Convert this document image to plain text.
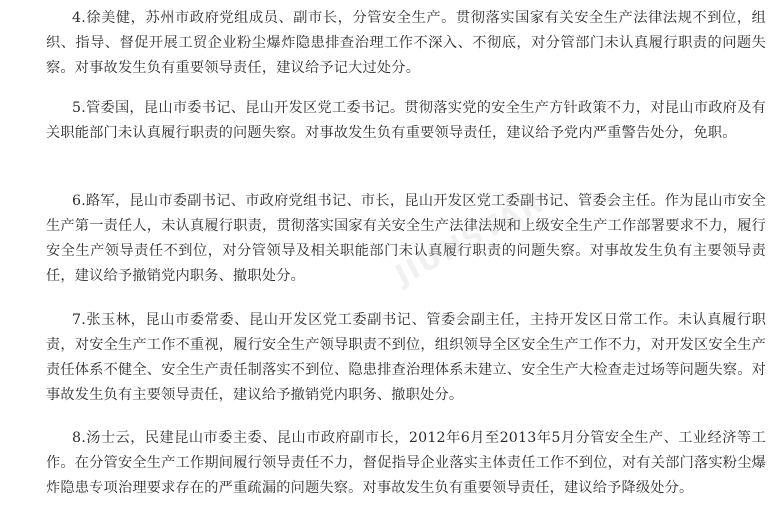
4.徐美健，苏州市政府党组成员、副市长，分管安全生产。贯彻落实国家有关安全生产法律法规不到位，组织、指导、督促开展工贸企业粉尘爆炸隐患排查治理工作不深入、不彻底，对分管部门未认真履行职责的问题失察。对事故发生负有重要领导责任，建议给予记大过处分。

5.管委国，昆山市委书记、昆山开发区党工委书记。贯彻落实党的安全生产方针政策不力，对昆山市政府及有关职能部门未认真履行职责的问题失察。对事故发生负有重要领导责任，建议给予党内严重警告处分，免职。

6.路军，昆山市委副书记、市政府党组书记、市长，昆山开发区党工委副书记、管委会主任。作为昆山市安全生产第一责任人，未认真履行职责，贯彻落实国家有关安全生产法律法规和上级安全生产工作部署要求不力，履行安全生产领导责任不到位，对分管领导及相关职能部门未认真履行职责的问题失察。对事故发生负有主要领导责任，建议给予撤销党内职务、撤职处分。

7.张玉林，昆山市委常委、昆山开发区党工委副书记、管委会副主任，主持开发区日常工作。未认真履行职责，对安全生产工作不重视，履行安全生产领导职责不到位，组织领导全区安全生产工作不力，对开发区安全生产责任体系不健全、安全生产责任制落实不到位、隐患排查治理体系未建立、安全生产大检查走过场等问题失察。对事故发生负有主要领导责任，建议给予撤销党内职务、撤职处分。

8.汤士云，民建昆山市委主委、昆山市政府副市长，2012年6月至2013年5月分管安全生产、工业经济等工作。在分管安全生产工作期间履行领导责任不力，督促指导企业落实主体责任工作不到位，对有关部门落实粉尘爆炸隐患专项治理要求存在的严重疏漏的问题失察。对事故发生负有重要领导责任，建议给予降级处分。

JIUNSTAR
